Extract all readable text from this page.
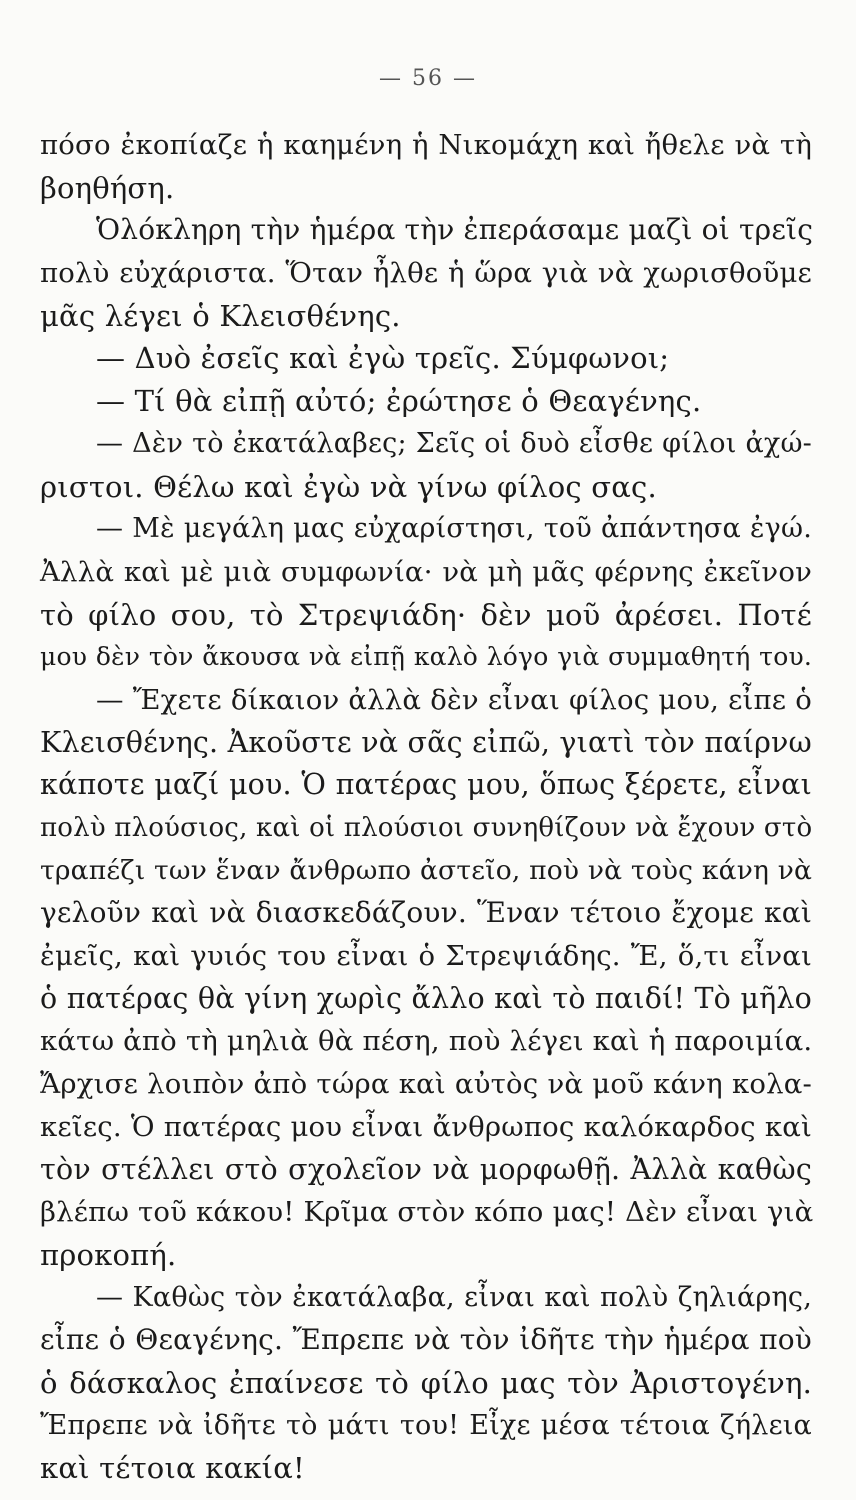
— 56 —
πόσο ἐκοπίαζε ἡ καημένη ἡ Νικομάχη καὶ ἤθελε νὰ τὴ
βοηθήση.
Ὁλόκληρη τὴν ἡμέρα τὴν ἐπεράσαμε μαζὶ οἱ τρεῖς
πολὺ εὐχάριστα. Ὅταν ἦλθε ἡ ὥρα γιὰ νὰ χωρισθοῦμε
μᾶς λέγει ὁ Κλεισθένης.
— Δυὸ ἐσεῖς καὶ ἐγὼ τρεῖς. Σύμφωνοι;
— Τί θὰ εἰπῇ αὐτό; ἐρώτησε ὁ Θεαγένης.
— Δὲν τὸ ἐκατάλαβες; Σεῖς οἱ δυὸ εἶσθε φίλοι ἀχώ-
ριστοι. Θέλω καὶ ἐγὼ νὰ γίνω φίλος σας.
— Μὲ μεγάλη μας εὐχαρίστησι, τοῦ ἀπάντησα ἐγώ.
Ἀλλὰ καὶ μὲ μιὰ συμφωνία· νὰ μὴ μᾶς φέρνης ἐκεῖνον
τὸ φίλο σου, τὸ Στρεψιάδη· δὲν μοῦ ἀρέσει. Ποτέ
μου δὲν τὸν ἄκουσα νὰ εἰπῇ καλὸ λόγο γιὰ συμμαθητή του.
— Ἔχετε δίκαιον ἀλλὰ δὲν εἶναι φίλος μου, εἶπε ὁ
Κλεισθένης. Ἀκοῦστε νὰ σᾶς εἰπῶ, γιατὶ τὸν παίρνω
κάποτε μαζί μου. Ὁ πατέρας μου, ὅπως ξέρετε, εἶναι
πολὺ πλούσιος, καὶ οἱ πλούσιοι συνηθίζουν νὰ ἔχουν στὸ
τραπέζι των ἕναν ἄνθρωπο ἀστεῖο, ποὺ νὰ τοὺς κάνη νὰ
γελοῦν καὶ νὰ διασκεδάζουν. Ἕναν τέτοιο ἔχομε καὶ
ἐμεῖς, καὶ γυιός του εἶναι ὁ Στρεψιάδης. Ἔ, ὅ,τι εἶναι
ὁ πατέρας θὰ γίνη χωρὶς ἄλλο καὶ τὸ παιδί! Τὸ μῆλο
κάτω ἀπὸ τὴ μηλιὰ θὰ πέση, ποὺ λέγει καὶ ἡ παροιμία.
Ἄρχισε λοιπὸν ἀπὸ τώρα καὶ αὐτὸς νὰ μοῦ κάνη κολα-
κεῖες. Ὁ πατέρας μου εἶναι ἄνθρωπος καλόκαρδος καὶ
τὸν στέλλει στὸ σχολεῖον νὰ μορφωθῇ. Ἀλλὰ καθὼς
βλέπω τοῦ κάκου! Κρῖμα στὸν κόπο μας! Δὲν εἶναι γιὰ
προκοπή.
— Καθὼς τὸν ἐκατάλαβα, εἶναι καὶ πολὺ ζηλιάρης,
εἶπε ὁ Θεαγένης. Ἔπρεπε νὰ τὸν ἰδῆτε τὴν ἡμέρα ποὺ
ὁ δάσκαλος ἐπαίνεσε τὸ φίλο μας τὸν Ἀριστογένη.
Ἔπρεπε νὰ ἰδῆτε τὸ μάτι του! Εἶχε μέσα τέτοια ζήλεια
καὶ τέτοια κακία!
